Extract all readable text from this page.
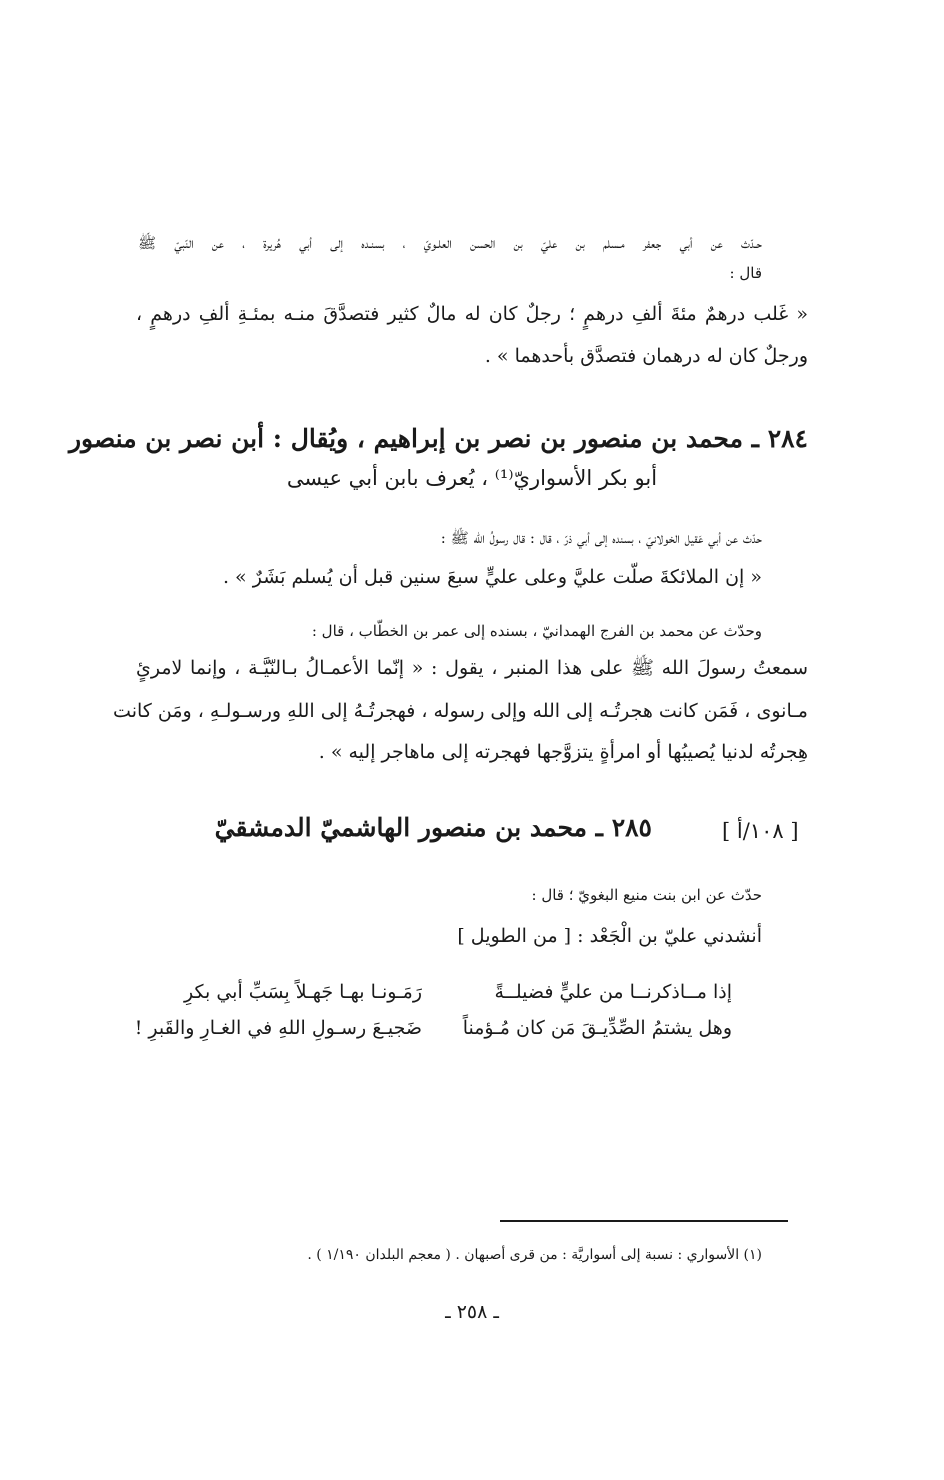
حـدّث عن أبي جعفر مـسلم بن عليّ بن الحسن العلـويّ ، بسنـده إلى أبي هُريرة ، عن النّبيّ ﷺ
قال :
« غَلب درهمٌ مئةَ ألفِ درهمٍ ؛ رجلٌ كان له مالٌ كثير فتصدَّقَ منـه بمئـةِ ألفِ درهمٍ ،
ورجلٌ كان له درهمان فتصدَّق بأحدهما » .
٢٨٤ ـ محمد بن منصور بن نصر بن إبراهيم ، ويُقال : أبن نصر بن منصور
أبو بكر الأسواريّ⁽¹⁾ ، يُعرف بابن أبي عيسى
حدّث عن أبي عَقيل الخولانيّ ، بسنده إلى أبي ذرّ ، قال : قال رسولُ الله ﷺ :
« إن الملائكةَ صلّت عليَّ وعلى عليٍّ سبعَ سنين قبل أن يُسلم بَشَرٌ » .
وحدّث عن محمد بن الفرج الهمدانيّ ، بسنده إلى عمر بن الخطّاب ، قال :
سمعتُ رسولَ الله ﷺ على هذا المنبر ، يقول : « إنّما الأعمـالُ بـالنّيَّـة ، وإنما لامرئٍ
مـانوى ، فَمَن كانت هجرتُـه إلى الله وإلى رسوله ، فهجرتُـهُ إلى اللهِ ورسـولـهِ ، ومَن كانت
هِجرتُه لدنيا يُصيبُها أو امرأةٍ يتزوَّجها فهجرته إلى ماهاجر إليه » .
[ ١٠٨/أ ]
٢٨٥ ـ محمد بن منصور الهاشميّ الدمشقيّ
حدّث عن ابن بنت منيع البغويّ ؛ قال :
أنشدني عليّ بن الْجَعْد : [ من الطويل ]
إذا مــاذكرنــا من عليٍّ فضيلــةً
رَمَـونـا بهـا جَهـلاً بِسَبِّ أبي بكرِ
وهل يشتمُ الصِّدِّيـقَ مَن كان مُـؤمناً
ضَجيـعَ رسـولِ اللهِ في الغـارِ والقَبرِ !
(١) الأسواري : نسبة إلى أسواريَّة : من قرى أصبهان . ( معجم البلدان ١/١٩٠ ) .
ـ ٢٥٨ ـ
